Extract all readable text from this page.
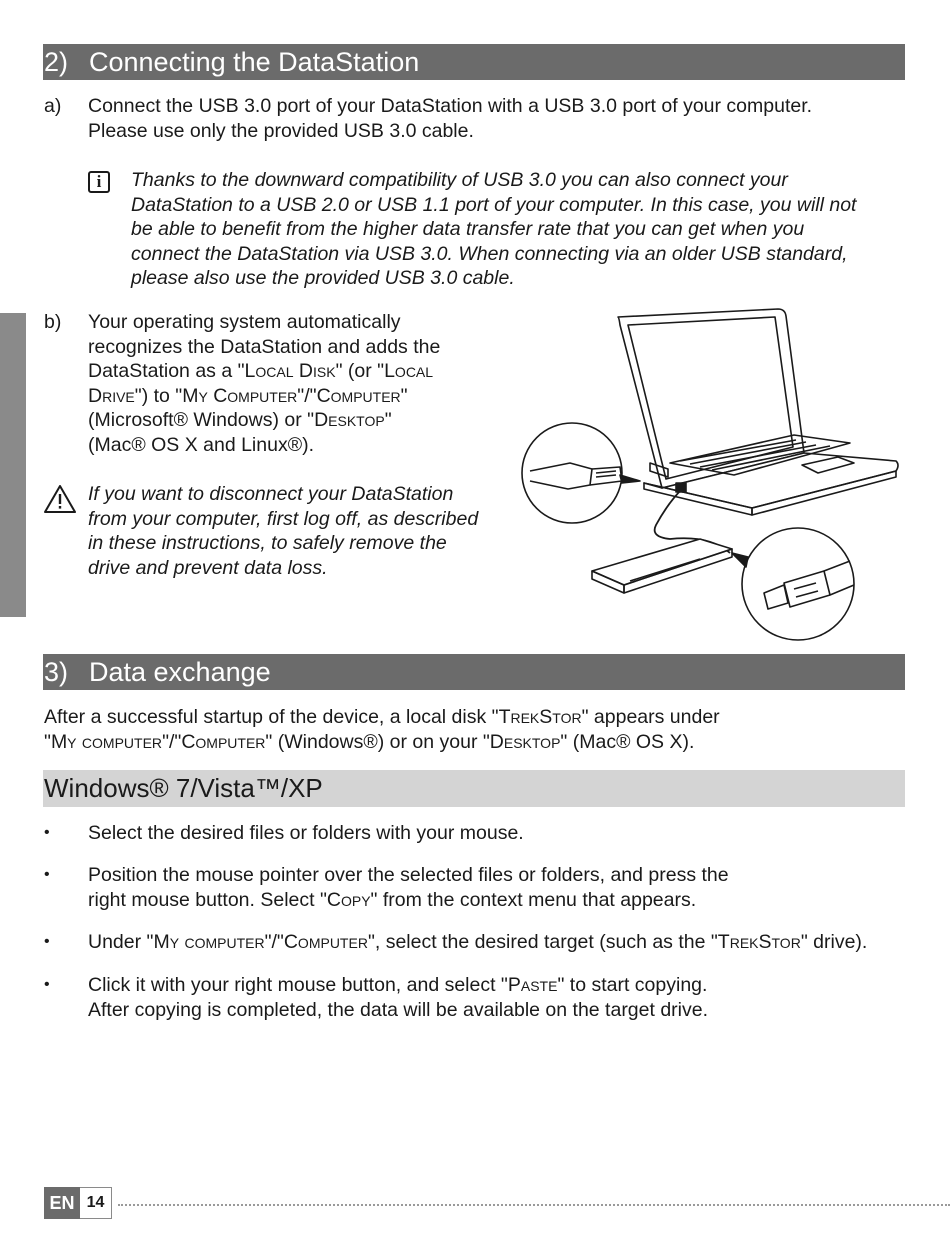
2) Connecting the DataStation
a) Connect the USB 3.0 port of your DataStation with a USB 3.0 port of your computer.
Please use only the provided USB 3.0 cable.
i	Thanks to the downward compatibility of USB 3.0 you can also connect your
DataStation to a USB 2.0 or USB 1.1 port of your computer. In this case, you will not
be able to benefit from the higher data transfer rate that you can get when you
connect the DataStation via USB 3.0. When connecting via an older USB standard,
please also use the provided USB 3.0 cable.
b) Your operating system automatically
recognizes the DataStation and adds the
DataStation as a "Local Disk" (or "Local
Drive") to "My Computer"/"Computer"
(Microsoft® Windows) or "Desktop"
(Mac® OS X and Linux®).
If you want to disconnect your DataStation
from your computer, first log off, as described
in these instructions, to safely remove the
drive and prevent data loss.
3) Data exchange
After a successful startup of the device, a local disk "TrekStor" appears under
"My computer"/"Computer" (Windows®) or on your "Desktop" (Mac® OS X).
Windows® 7/Vista™/XP
• Select the desired files or folders with your mouse.
• Position the mouse pointer over the selected files or folders, and press the
right mouse button. Select "Copy" from the context menu that appears.
• Under "My computer"/"Computer", select the desired target (such as the "TrekStor" drive).
• Click it with your right mouse button, and select "Paste" to start copying.
After copying is completed, the data will be available on the target drive.
EN 14
